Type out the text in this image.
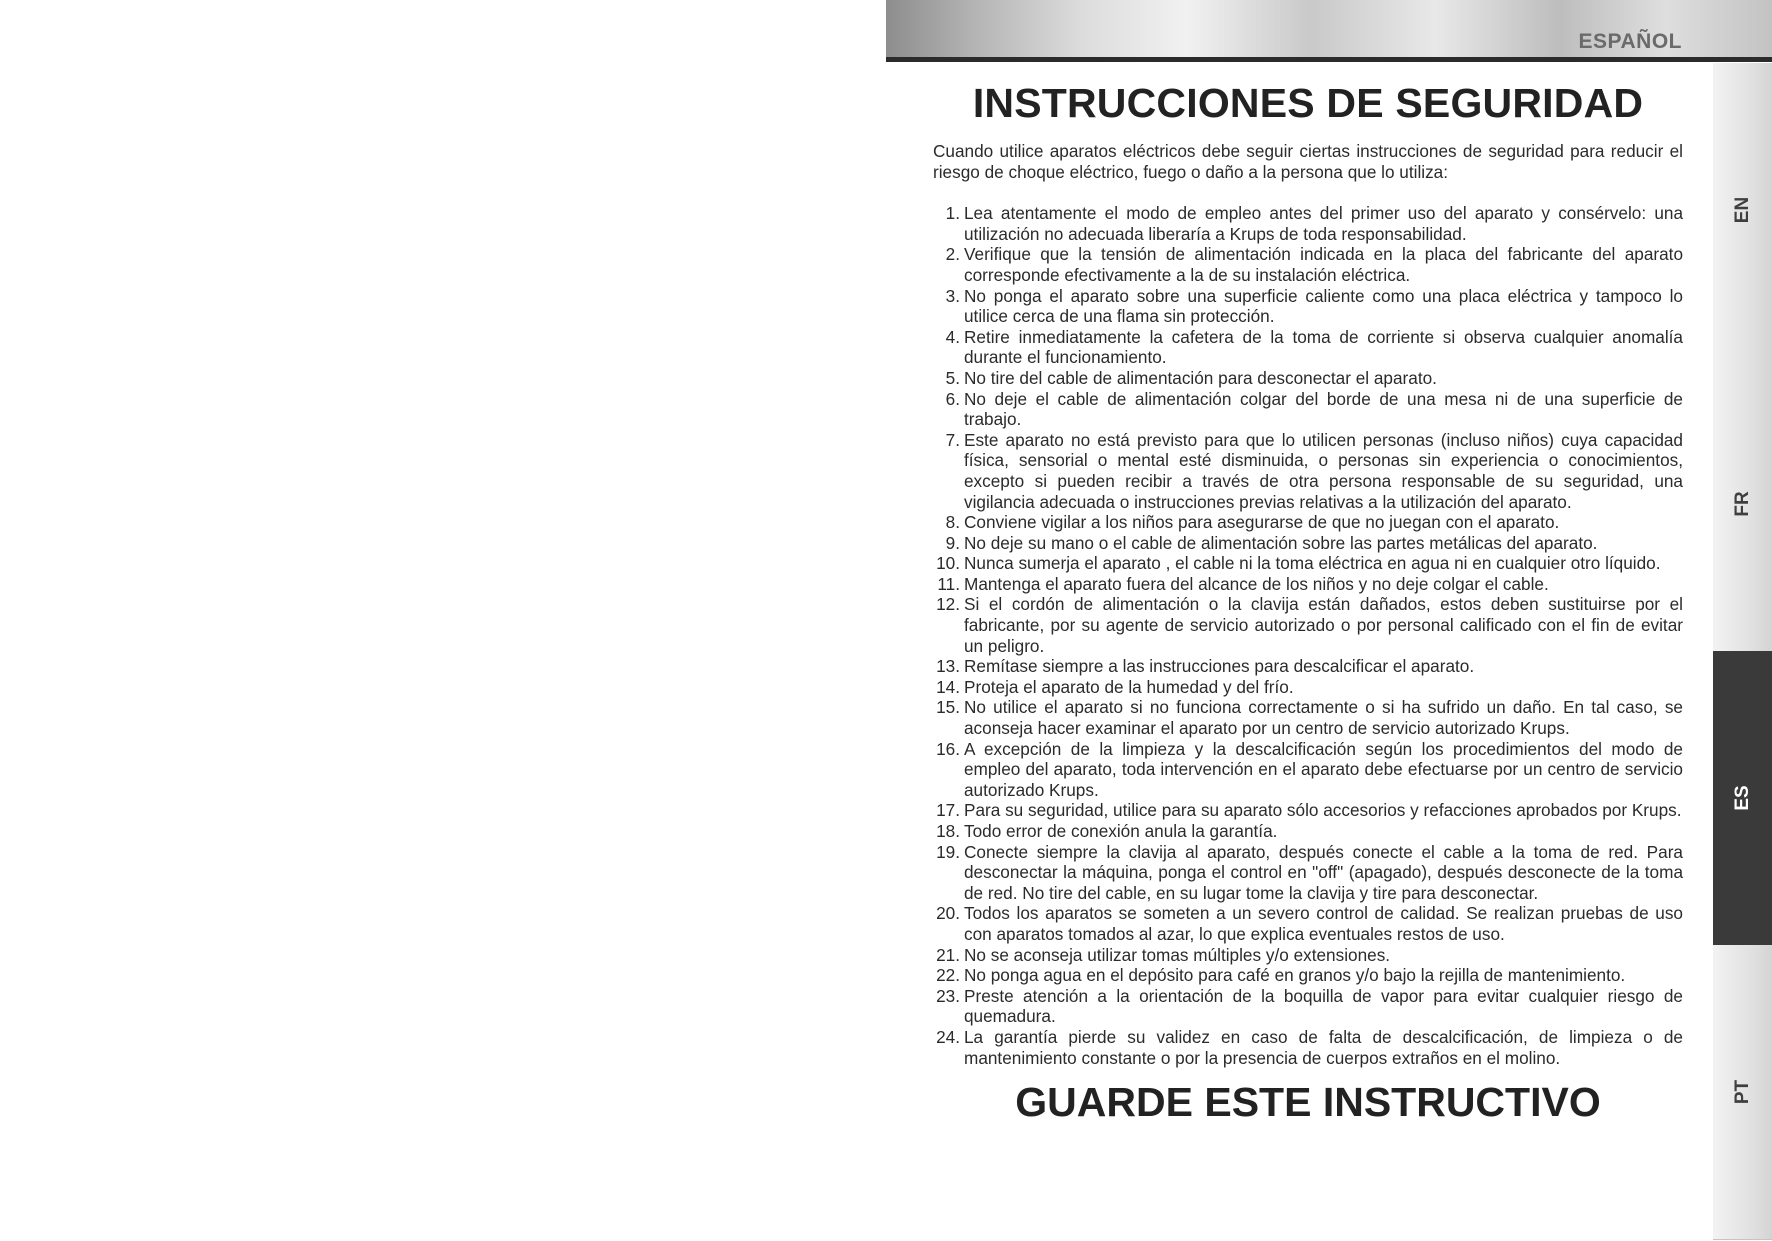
ESPAÑOL
EN
FR
ES
PT
INSTRUCCIONES DE SEGURIDAD

Cuando utilice aparatos eléctricos debe seguir ciertas instrucciones de seguridad para reducir el riesgo de choque eléctrico, fuego o daño a la persona que lo utiliza:

1. Lea atentamente el modo de empleo antes del primer uso del aparato y consérvelo: una utilización no adecuada liberaría a Krups de toda responsabilidad.
2. Verifique que la tensión de alimentación indicada en la placa del fabricante del aparato corresponde efectivamente a la de su instalación eléctrica.
3. No ponga el aparato sobre una superficie caliente como una placa eléctrica y tampoco lo utilice cerca de una flama sin protección.
4. Retire inmediatamente la cafetera de la toma de corriente si observa cualquier anomalía durante el funcionamiento.
5. No tire del cable de alimentación para desconectar el aparato.
6. No deje el cable de alimentación colgar del borde de una mesa ni de una superficie de trabajo.
7. Este aparato no está previsto para que lo utilicen personas (incluso niños) cuya capacidad física, sensorial o mental esté disminuida, o personas sin experiencia o conocimientos, excepto si pueden recibir a través de otra persona responsable de su seguridad, una vigilancia adecuada o instrucciones previas relativas a la utilización del aparato.
8. Conviene vigilar a los niños para asegurarse de que no juegan con el aparato.
9. No deje su mano o el cable de alimentación sobre las partes metálicas del aparato.
10. Nunca sumerja el aparato , el cable ni la toma eléctrica en agua ni en cualquier otro líquido.
11. Mantenga el aparato fuera del alcance de los niños y no deje colgar el cable.
12. Si el cordón de alimentación o la clavija están dañados, estos deben sustituirse por el fabricante, por su agente de servicio autorizado o por personal calificado con el fin de evitar un peligro.
13. Remítase siempre a las instrucciones para descalcificar el aparato.
14. Proteja el aparato de la humedad y del frío.
15. No utilice el aparato si no funciona correctamente o si ha sufrido un daño. En tal caso, se aconseja hacer examinar el aparato por un centro de servicio autorizado Krups.
16. A excepción de la limpieza y la descalcificación según los procedimientos del modo de empleo del aparato, toda intervención en el aparato debe efectuarse por un centro de servicio autorizado Krups.
17. Para su seguridad, utilice para su aparato sólo accesorios y refacciones aprobados por Krups.
18. Todo error de conexión anula la garantía.
19. Conecte siempre la clavija al aparato, después conecte el cable a la toma de red. Para desconectar la máquina, ponga el control en "off" (apagado), después desconecte de la toma de red. No tire del cable, en su lugar tome la clavija y tire para desconectar.
20. Todos los aparatos se someten a un severo control de calidad. Se realizan pruebas de uso con aparatos tomados al azar, lo que explica eventuales restos de uso.
21. No se aconseja utilizar tomas múltiples y/o extensiones.
22. No ponga agua en el depósito para café en granos y/o bajo la rejilla de mantenimiento.
23. Preste atención a la orientación de la boquilla de vapor para evitar cualquier riesgo de quemadura.
24. La garantía pierde su validez en caso de falta de descalcificación, de limpieza o de mantenimiento constante o por la presencia de cuerpos extraños en el molino.
GUARDE ESTE INSTRUCTIVO
